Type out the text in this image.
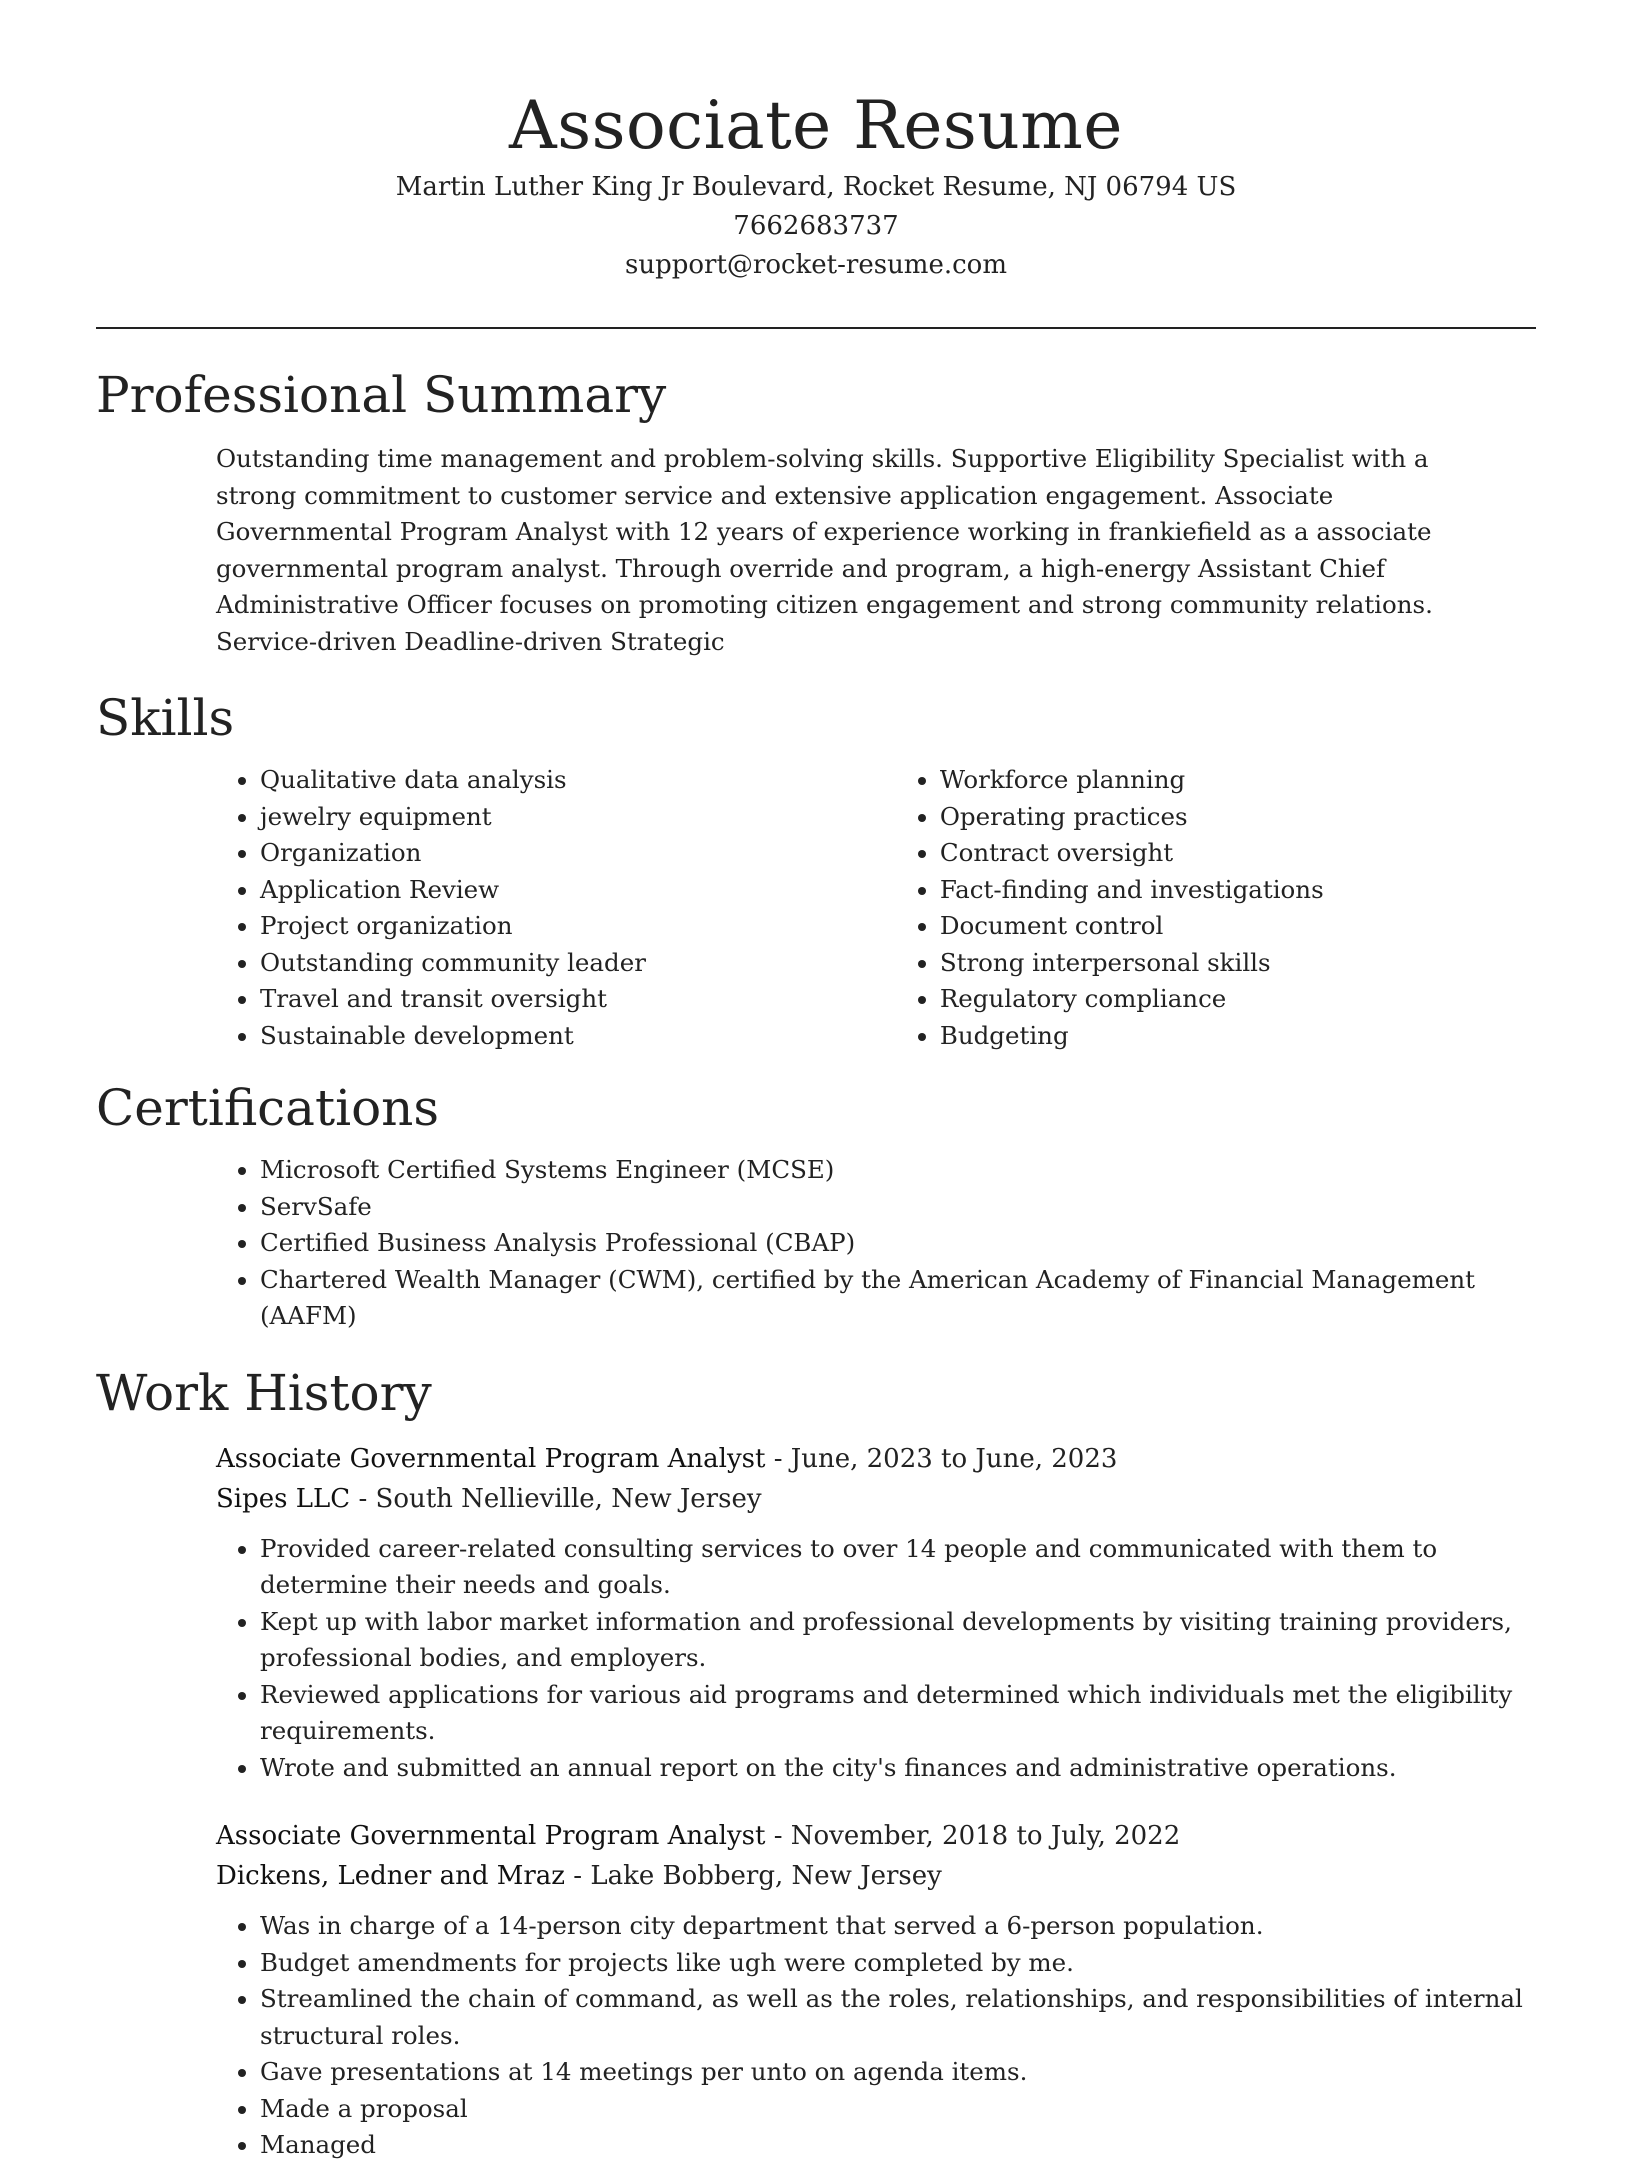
Associate Resume
Martin Luther King Jr Boulevard, Rocket Resume, NJ 06794 US
7662683737
support@rocket-resume.com
Professional Summary

Outstanding time management and problem-solving skills. Supportive Eligibility Specialist with a strong commitment to customer service and extensive application engagement. Associate Governmental Program Analyst with 12 years of experience working in frankiefield as a associate governmental program analyst. Through override and program, a high-energy Assistant Chief Administrative Officer focuses on promoting citizen engagement and strong community relations. Service-driven Deadline-driven Strategic

Skills
• Qualitative data analysis
• jewelry equipment
• Organization
• Application Review
• Project organization
• Outstanding community leader
• Travel and transit oversight
• Sustainable development
• Workforce planning
• Operating practices
• Contract oversight
• Fact-finding and investigations
• Document control
• Strong interpersonal skills
• Regulatory compliance
• Budgeting
Certifications
• Microsoft Certified Systems Engineer (MCSE)
• ServSafe
• Certified Business Analysis Professional (CBAP)
• Chartered Wealth Manager (CWM), certified by the American Academy of Financial Management (AAFM)
Work History
Associate Governmental Program Analyst - June, 2023 to June, 2023
Sipes LLC - South Nellieville, New Jersey
• Provided career-related consulting services to over 14 people and communicated with them to determine their needs and goals.
• Kept up with labor market information and professional developments by visiting training providers, professional bodies, and employers.
• Reviewed applications for various aid programs and determined which individuals met the eligibility requirements.
• Wrote and submitted an annual report on the city's finances and administrative operations.
Associate Governmental Program Analyst - November, 2018 to July, 2022
Dickens, Ledner and Mraz - Lake Bobberg, New Jersey
• Was in charge of a 14-person city department that served a 6-person population.
• Budget amendments for projects like ugh were completed by me.
• Streamlined the chain of command, as well as the roles, relationships, and responsibilities of internal structural roles.
• Gave presentations at 14 meetings per unto on agenda items.
• Made a proposal
• Managed
